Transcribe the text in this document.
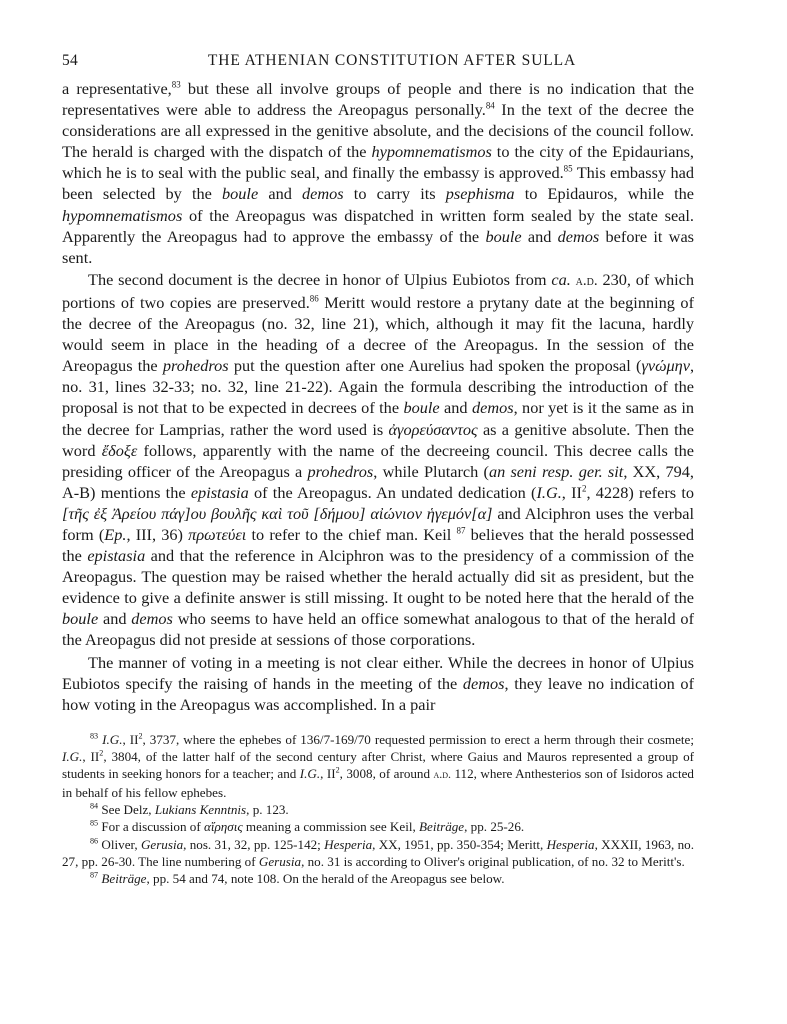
54	THE ATHENIAN CONSTITUTION AFTER SULLA

a representative,$^{83}$ but these all involve groups of people and there is no indication that the representatives were able to address the Areopagus personally.$^{84}$ In the text of the decree the considerations are all expressed in the genitive absolute, and the decisions of the council follow. The herald is charged with the dispatch of the hypomnematismos to the city of the Epidaurians, which he is to seal with the public seal, and finally the embassy is approved.$^{85}$ This embassy had been selected by the boule and demos to carry its psephisma to Epidauros, while the hypomnematismos of the Areopagus was dispatched in written form sealed by the state seal. Apparently the Areopagus had to approve the embassy of the boule and demos before it was sent.

The second document is the decree in honor of Ulpius Eubiotos from ca. a.d. 230, of which portions of two copies are preserved.$^{86}$ Meritt would restore a prytany date at the beginning of the decree of the Areopagus (no. 32, line 21), which, although it may fit the lacuna, hardly would seem in place in the heading of a decree of the Areopagus. In the session of the Areopagus the prohedros put the question after one Aurelius had spoken the proposal (γνώμην, no. 31, lines 32-33; no. 32, line 21-22). Again the formula describing the introduction of the proposal is not that to be expected in decrees of the boule and demos, nor yet is it the same as in the decree for Lamprias, rather the word used is ἀγορεύσαντος as a genitive absolute. Then the word ἔδοξε follows, apparently with the name of the decreeing council. This decree calls the presiding officer of the Areopagus a prohedros, while Plutarch (an seni resp. ger. sit, XX, 794, A-B) mentions the epistasia of the Areopagus. An undated dedication (I.G., $II^2$, 4228) refers to [τῆς ἐξ Ἀρείου πάγ]ου βουλῆς καὶ τοῦ [δήμου] αἰώνιον ἡγεμόν[α] and Alciphron uses the verbal form (Ep., III, 36) πρωτεύει to refer to the chief man. Keil $^{87}$ believes that the herald possessed the epistasia and that the reference in Alciphron was to the presidency of a commission of the Areopagus. The question may be raised whether the herald actually did sit as president, but the evidence to give a definite answer is still missing. It ought to be noted here that the herald of the boule and demos who seems to have held an office somewhat analogous to that of the herald of the Areopagus did not preside at sessions of those corporations.

The manner of voting in a meeting is not clear either. While the decrees in honor of Ulpius Eubiotos specify the raising of hands in the meeting of the demos, they leave no indication of how voting in the Areopagus was accomplished. In a pair

$^{83}$ I.G., $II^2$, 3737, where the ephebes of 136/7-169/70 requested permission to erect a herm through their cosmete; I.G., $II^2$, 3804, of the latter half of the second century after Christ, where Gaius and Mauros represented a group of students in seeking honors for a teacher; and I.G., $II^2$, 3008, of around a.d. 112, where Anthesterios son of Isidoros acted in behalf of his fellow ephebes.

$^{84}$ See Delz, Lukians Kenntnis, p. 123.

$^{85}$ For a discussion of αἵρησις meaning a commission see Keil, Beiträge, pp. 25-26.

$^{86}$ Oliver, Gerusia, nos. 31, 32, pp. 125-142; Hesperia, XX, 1951, pp. 350-354; Meritt, Hesperia, XXXII, 1963, no. 27, pp. 26-30. The line numbering of Gerusia, no. 31 is according to Oliver's original publication, of no. 32 to Meritt's.

$^{87}$ Beiträge, pp. 54 and 74, note 108. On the herald of the Areopagus see below.
